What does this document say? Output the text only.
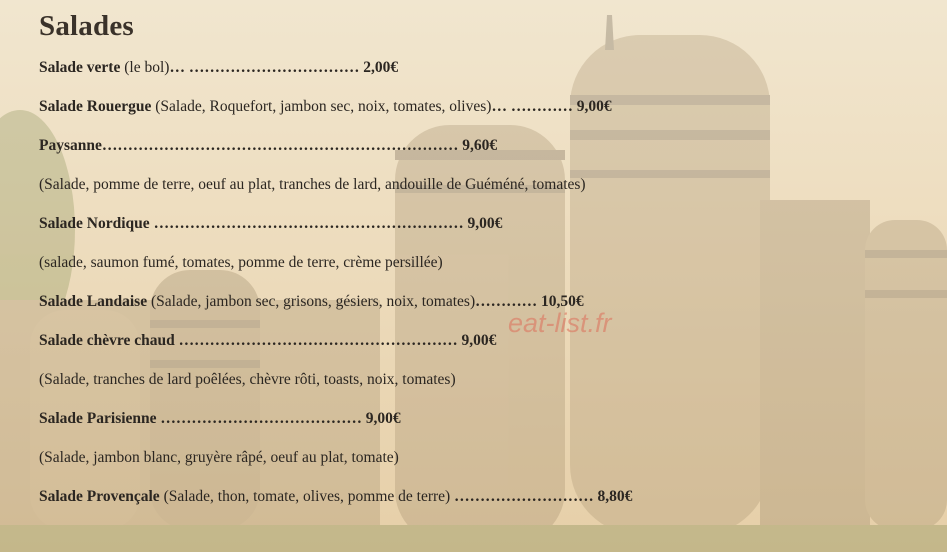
Salades
Salade verte (le bol)… …………………………… 2,00€
Salade Rouergue (Salade, Roquefort, jambon sec, noix, tomates, olives)… ………… 9,00€
Paysanne…………………………………………………………… 9,60€
(Salade, pomme de terre, oeuf au plat, tranches de lard, andouille de Guéméné, tomates)
Salade Nordique …………………………………………………… 9,00€
(salade, saumon fumé, tomates, pomme de terre, crème persillée)
Salade Landaise (Salade, jambon sec, grisons, gésiers, noix, tomates)………… 10,50€
Salade chèvre chaud ……………………………………………… 9,00€
(Salade, tranches de lard poêlées, chèvre rôti, toasts, noix, tomates)
Salade Parisienne ………………………………… 9,00€
(Salade, jambon blanc, gruyère râpé, oeuf au plat, tomate)
Salade Provençale (Salade, thon, tomate, olives, pomme de terre) ……………………… 8,80€
eat-list.fr
